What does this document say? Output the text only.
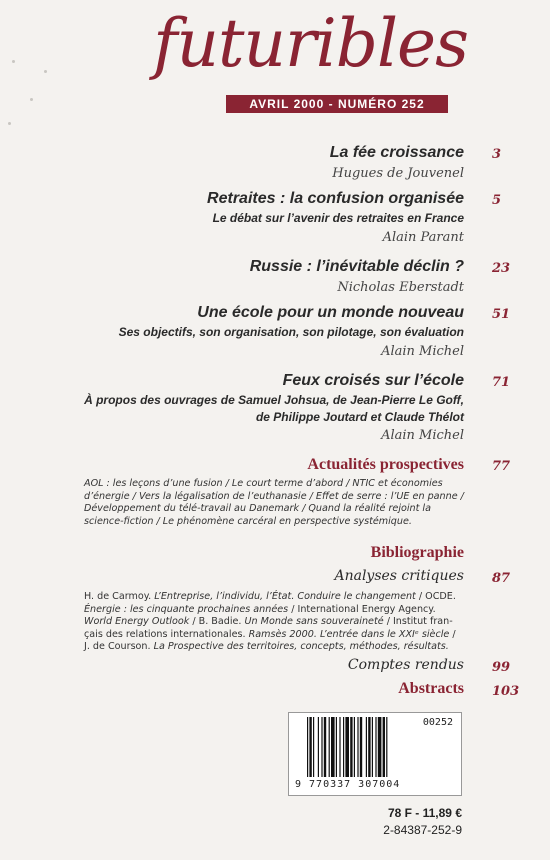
futuribles
AVRIL 2000 - NUMÉRO 252
La fée croissance 3
Hugues de Jouvenel
Retraites : la confusion organisée 5
Le débat sur l’avenir des retraites en France
Alain Parant
Russie : l’inévitable déclin ? 23
Nicholas Eberstadt
Une école pour un monde nouveau 51
Ses objectifs, son organisation, son pilotage, son évaluation
Alain Michel
Feux croisés sur l’école 71
À propos des ouvrages de Samuel Johsua, de Jean-Pierre Le Goff,
de Philippe Joutard et Claude Thélot
Alain Michel
Actualités prospectives 77
AOL : les leçons d’une fusion / Le court terme d’abord / NTIC et économies
d’énergie / Vers la légalisation de l’euthanasie / Effet de serre : l’UE en panne /
Développement du télé-travail au Danemark / Quand la réalité rejoint la
science-fiction / Le phénomène carcéral en perspective systémique.
Bibliographie
Analyses critiques 87
H. de Carmoy. L’Entreprise, l’individu, l’État. Conduire le changement / OCDE.
Énergie : les cinquante prochaines années / International Energy Agency.
World Energy Outlook / B. Badie. Un Monde sans souveraineté / Institut fran-
çais des relations internationales. Ramsès 2000. L’entrée dans le XXIᵉ siècle /
J. de Courson. La Prospective des territoires, concepts, méthodes, résultats.
Comptes rendus 99
Abstracts 103
00252
9 770337 307004
78 F - 11,89 €
2-84387-252-9
